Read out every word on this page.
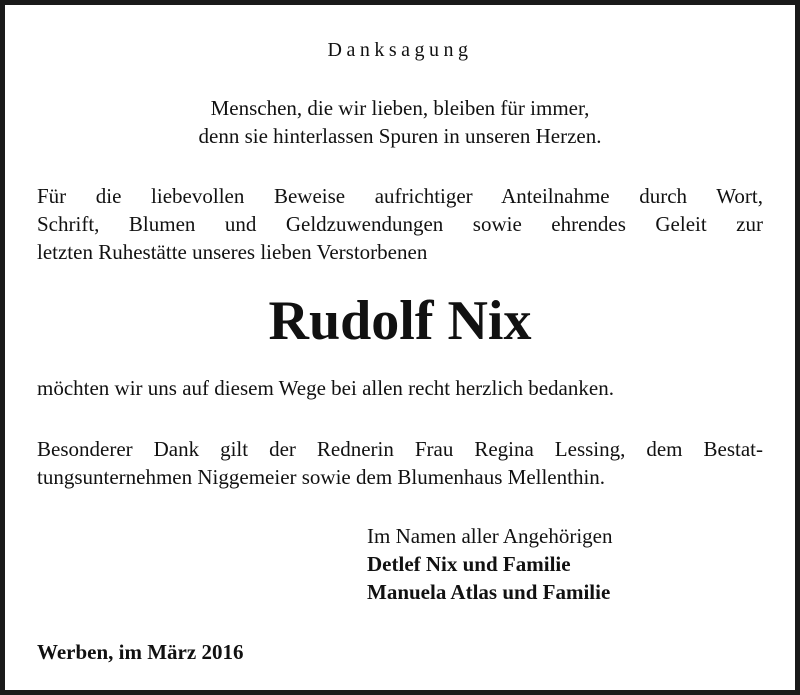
Danksagung
Menschen, die wir lieben, bleiben für immer,
denn sie hinterlassen Spuren in unseren Herzen.
Für die liebevollen Beweise aufrichtiger Anteilnahme durch Wort,
Schrift, Blumen und Geldzuwendungen sowie ehrendes Geleit zur
letzten Ruhestätte unseres lieben Verstorbenen
Rudolf Nix
möchten wir uns auf diesem Wege bei allen recht herzlich bedanken.
Besonderer Dank gilt der Rednerin Frau Regina Lessing, dem Bestat-
tungsunternehmen Niggemeier sowie dem Blumenhaus Mellenthin.
Im Namen aller Angehörigen
Detlef Nix und Familie
Manuela Atlas und Familie
Werben, im März 2016
